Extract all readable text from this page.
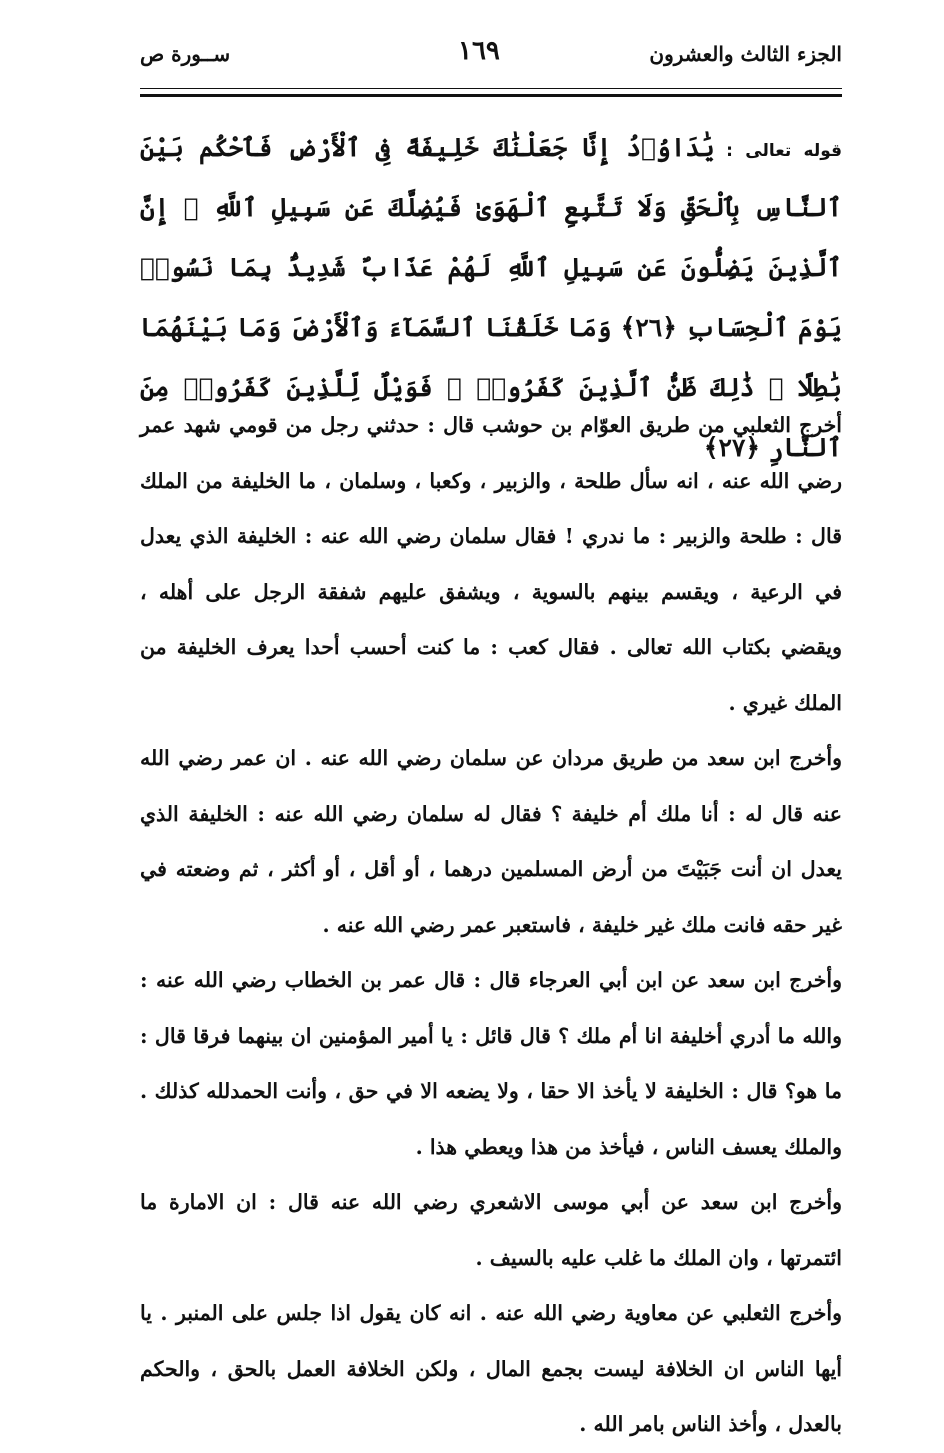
الجزء الثالث والعشرون
١٦٩
ســورة ص
قوله تعالى : يَٰدَاوُۥدُ إِنَّا جَعَلْنَٰكَ خَلِيفَةً فِى ٱلْأَرْضِ فَٱحْكُم بَيْنَ ٱلنَّاسِ بِٱلْحَقِّ وَلَا تَتَّبِعِ ٱلْهَوَىٰ فَيُضِلَّكَ عَن سَبِيلِ ٱللَّهِ ۚ إِنَّ ٱلَّذِينَ يَضِلُّونَ عَن سَبِيلِ ٱللَّهِ لَهُمْ عَذَابٌ شَدِيدٌۢ بِمَا نَسُوا۟ يَوْمَ ٱلْحِسَابِ ﴿٢٦﴾ وَمَا خَلَقْنَا ٱلسَّمَآءَ وَٱلْأَرْضَ وَمَا بَيْنَهُمَا بَٰطِلًا ۚ ذَٰلِكَ ظَنُّ ٱلَّذِينَ كَفَرُوا۟ ۚ فَوَيْلٌ لِّلَّذِينَ كَفَرُوا۟ مِنَ ٱلنَّارِ ﴿٢٧﴾

أخرج الثعلبي من طريق العوّام بن حوشب قال : حدثني رجل من قومي شهد عمر رضي الله عنه ، انه سأل طلحة ، والزبير ، وكعبا ، وسلمان ، ما الخليفة من الملك قال : طلحة والزبير : ما ندري ! فقال سلمان رضي الله عنه : الخليفة الذي يعدل في الرعية ، ويقسم بينهم بالسوية ، ويشفق عليهم شفقة الرجل على أهله ، ويقضي بكتاب الله تعالى . فقال كعب : ما كنت أحسب أحدا يعرف الخليفة من الملك غيري .

وأخرج ابن سعد من طريق مردان عن سلمان رضي الله عنه . ان عمر رضي الله عنه قال له : أنا ملك أم خليفة ؟ فقال له سلمان رضي الله عنه : الخليفة الذي يعدل ان أنت جَبَيْتَ من أرض المسلمين درهما ، أو أقل ، أو أكثر ، ثم وضعته في غير حقه فانت ملك غير خليفة ، فاستعبر عمر رضي الله عنه .

وأخرج ابن سعد عن ابن أبي العرجاء قال : قال عمر بن الخطاب رضي الله عنه : والله ما أدري أخليفة انا أم ملك ؟ قال قائل : يا أمير المؤمنين ان بينهما فرقا قال : ما هو؟ قال : الخليفة لا يأخذ الا حقا ، ولا يضعه الا في حق ، وأنت الحمدلله كذلك . والملك يعسف الناس ، فيأخذ من هذا ويعطي هذا .

وأخرج ابن سعد عن أبي موسى الاشعري رضي الله عنه قال : ان الامارة ما ائتمرتها ، وان الملك ما غلب عليه بالسيف .

وأخرج الثعلبي عن معاوية رضي الله عنه . انه كان يقول اذا جلس على المنبر . يا أيها الناس ان الخلافة ليست بجمع المال ، ولكن الخلافة العمل بالحق ، والحكم بالعدل ، وأخذ الناس بامر الله .
